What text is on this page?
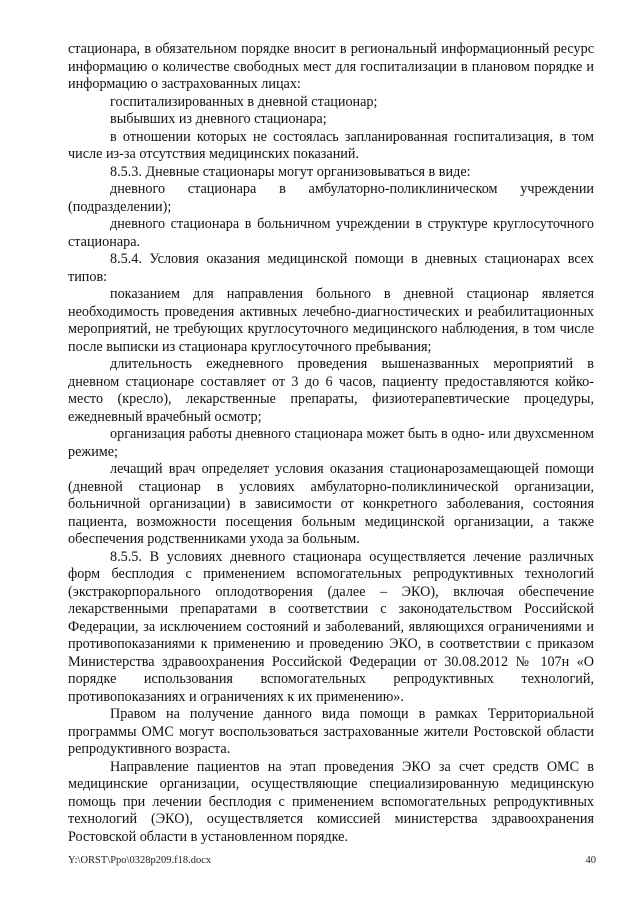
стационара, в обязательном порядке вносит в региональный информационный ресурс информацию о количестве свободных мест для госпитализации в плановом порядке и информацию о застрахованных лицах:

госпитализированных в дневной стационар;

выбывших из дневного стационара;

в отношении которых не состоялась запланированная госпитализация, в том числе из-за отсутствия медицинских показаний.

8.5.3. Дневные стационары могут организовываться в виде:

дневного стационара в амбулаторно-поликлиническом учреждении (подразделении);

дневного стационара в больничном учреждении в структуре круглосуточного стационара.

8.5.4. Условия оказания медицинской помощи в дневных стационарах всех типов:

показанием для направления больного в дневной стационар является необходимость проведения активных лечебно-диагностических и реабилитационных мероприятий, не требующих круглосуточного медицинского наблюдения, в том числе после выписки из стационара круглосуточного пребывания;

длительность ежедневного проведения вышеназванных мероприятий в дневном стационаре составляет от 3 до 6 часов, пациенту предоставляются койко-место (кресло), лекарственные препараты, физиотерапевтические процедуры, ежедневный врачебный осмотр;

организация работы дневного стационара может быть в одно- или двухсменном режиме;

лечащий врач определяет условия оказания стационарозамещающей помощи (дневной стационар в условиях амбулаторно-поликлинической организации, больничной организации) в зависимости от конкретного заболевания, состояния пациента, возможности посещения больным медицинской организации, а также обеспечения родственниками ухода за больным.

8.5.5. В условиях дневного стационара осуществляется лечение различных форм бесплодия с применением вспомогательных репродуктивных технологий (экстракорпорального оплодотворения (далее – ЭКО), включая обеспечение лекарственными препаратами в соответствии с законодательством Российской Федерации, за исключением состояний и заболеваний, являющихся ограничениями и противопоказаниями к применению и проведению ЭКО, в соответствии с приказом Министерства здравоохранения Российской Федерации от 30.08.2012 № 107н «О порядке использования вспомогательных репродуктивных технологий, противопоказаниях и ограничениях к их применению».

Правом на получение данного вида помощи в рамках Территориальной программы ОМС могут воспользоваться застрахованные жители Ростовской области репродуктивного возраста.

Направление пациентов на этап проведения ЭКО за счет средств ОМС в медицинские организации, осуществляющие специализированную медицинскую помощь при лечении бесплодия с применением вспомогательных репродуктивных технологий (ЭКО), осуществляется комиссией министерства здравоохранения Ростовской области в установленном порядке.

Y:\ORST\Ppo\0328p209.f18.docx	40
